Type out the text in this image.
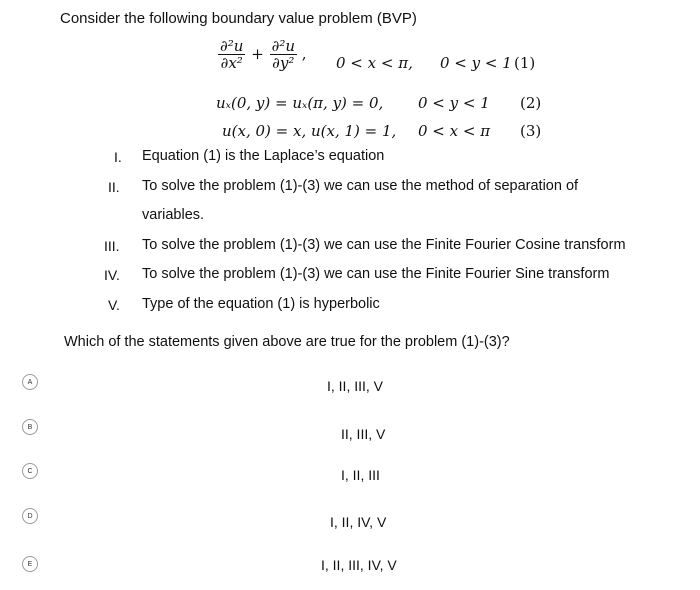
Consider the following boundary value problem (BVP)
$\frac{\text{∂²u}}{\text{∂x²}} + \frac{\text{∂²u}}{\text{∂y²}}$ ,
0 < x < π, 0 < y < 1 (1)
uₓ(0, y) = uₓ(π, y) = 0, 0 < y < 1 (2)
u(x, 0) = x, u(x, 1) = 1, 0 < x < π (3)
I. Equation (1) is the Laplace’s equation
II. To solve the problem (1)-(3) we can use the method of separation of
variables.
III. To solve the problem (1)-(3) we can use the Finite Fourier Cosine transform
IV. To solve the problem (1)-(3) we can use the Finite Fourier Sine transform
V. Type of the equation (1) is hyperbolic
Which of the statements given above are true for the problem (1)-(3)?
A	I, II, III, V
B	II, III, V
C	I, II, III
D	I, II, IV, V
E	I, II, III, IV, V
